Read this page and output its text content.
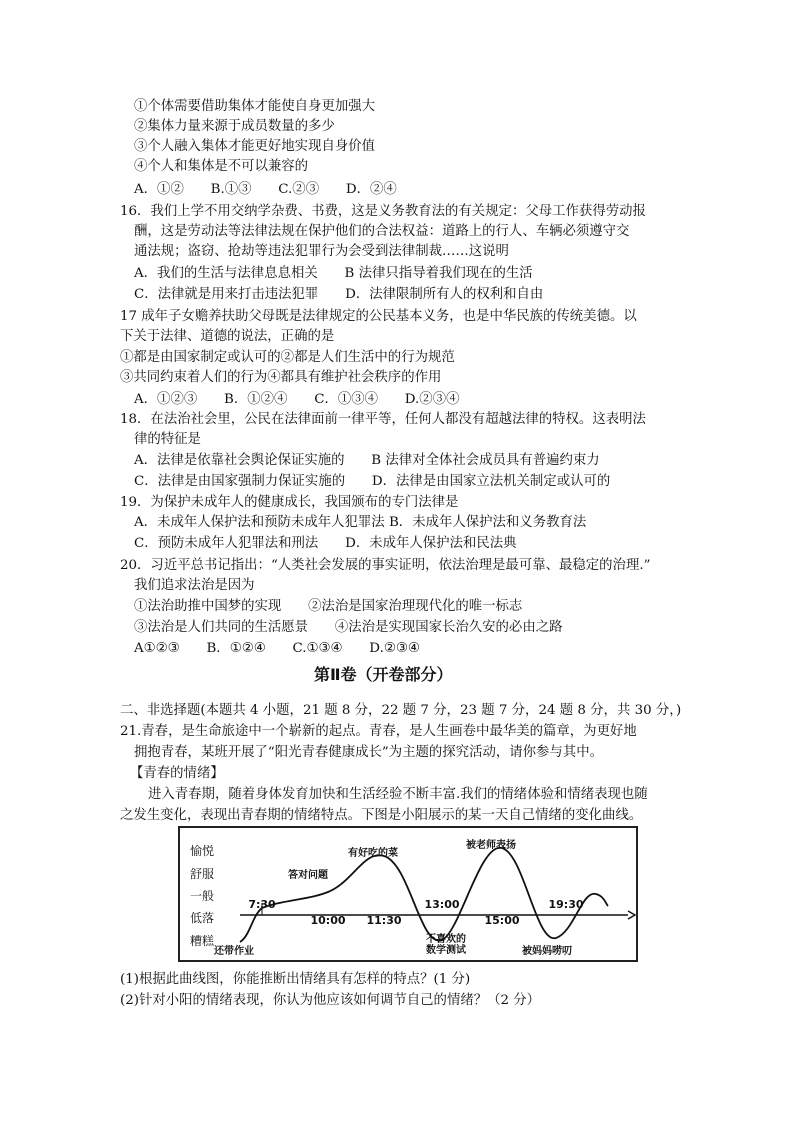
①个体需要借助集体才能使自身更加强大
②集体力量来源于成员数量的多少
③个人融入集体才能更好地实现自身价值
④个人和集体是不可以兼容的
A．①②　　B.①③　　C.②③　　D．②④
16．我们上学不用交纳学杂费、书费，这是义务教育法的有关规定：父母工作获得劳动报
酬，这是劳动法等法律法规在保护他们的合法权益：道路上的行人、车辆必须遵守交
通法规；盗窃、抢劫等违法犯罪行为会受到法律制裁……这说明
A．我们的生活与法律息息相关　　B 法律只指导着我们现在的生活
C．法律就是用来打击违法犯罪　　D．法律限制所有人的权利和自由
17 成年子女赡养扶助父母既是法律规定的公民基本义务，也是中华民族的传统美德。以
下关于法律、道德的说法，正确的是
①都是由国家制定或认可的②都是人们生活中的行为规范
③共同约束着人们的行为④都具有维护社会秩序的作用
A．①②③　　B．①②④　　C．①③④　　D.②③④
18．在法治社会里，公民在法律面前一律平等，任何人都没有超越法律的特权。这表明法
律的特征是
A．法律是依靠社会舆论保证实施的　　B 法律对全体社会成员具有普遍约束力
C．法律是由国家强制力保证实施的　　D．法律是由国家立法机关制定或认可的
19．为保护未成年人的健康成长，我国颁布的专门法律是
A．未成年人保护法和预防未成年人犯罪法 B．未成年人保护法和义务教育法
C．预防未成年人犯罪法和刑法　　D．未成年人保护法和民法典
20．习近平总书记指出：“人类社会发展的事实证明，依法治理是最可靠、最稳定的治理.”
我们追求法治是因为
①法治助推中国梦的实现　　②法治是国家治理现代化的唯一标志
③法治是人们共同的生活愿景　　④法治是实现国家长治久安的必由之路
A①②③　　B．①②④　　C.①③④　　D.②③④
第Ⅱ卷（开卷部分）
二、非选择题(本题共 4 小题，21 题 8 分，22 题 7 分，23 题 7 分，24 题 8 分，共 30 分，)
21.青春，是生命旅途中一个崭新的起点。青春，是人生画卷中最华美的篇章，为更好地
拥抱青春，某班开展了“阳光青春健康成长”为主题的探究活动，请你参与其中。
【青春的情绪】
进入青春期，随着身体发育加快和生活经验不断丰富.我们的情绪体验和情绪表现也随
之发生变化，表现出青春期的情绪特点。下图是小阳展示的某一天自己情绪的变化曲线。
愉悦
舒服
一般
低落
糟糕
7:30
10:00 11:30
13:00
15:00
19:30
还带作业
答对问题
有好吃的菜
不喜欢的
数学测试
被老师表扬
被妈妈唠叨
(1)根据此曲线图，你能推断出情绪具有怎样的特点？(1 分)
(2)针对小阳的情绪表现，你认为他应该如何调节自己的情绪？（2 分）
